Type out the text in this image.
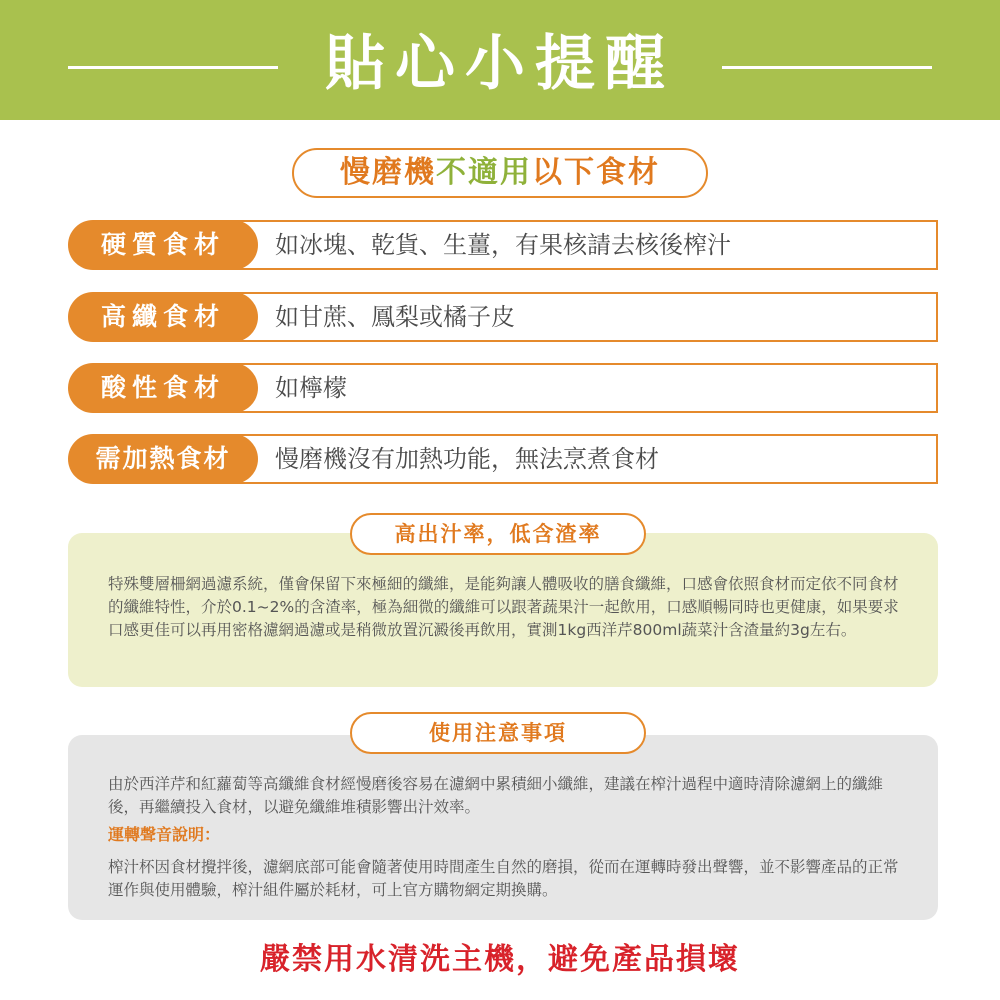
貼心小提醒
慢磨機不適用以下食材
硬質食材	如冰塊、乾貨、生薑，有果核請去核後榨汁
高纖食材	如甘蔗、鳳梨或橘子皮
酸性食材	如檸檬
需加熱食材	慢磨機沒有加熱功能，無法烹煮食材
特殊雙層柵網過濾系統，僅會保留下來極細的纖維，是能夠讓人體吸收的膳食纖維，口感會依照食材而定依不同食材的纖維特性，介於0.1~2%的含渣率，極為細微的纖維可以跟著蔬果汁一起飲用，口感順暢同時也更健康，如果要求口感更佳可以再用密格濾網過濾或是稍微放置沉澱後再飲用，實測1kg西洋芹800ml蔬菜汁含渣量約3g左右。
高出汁率，低含渣率
由於西洋芹和紅蘿蔔等高纖維食材經慢磨後容易在濾網中累積細小纖維，建議在榨汁過程中適時清除濾網上的纖維後，再繼續投入食材，以避免纖維堆積影響出汁效率。
運轉聲音說明：
榨汁杯因食材攪拌後，濾網底部可能會隨著使用時間產生自然的磨損，從而在運轉時發出聲響，並不影響產品的正常運作與使用體驗，榨汁組件屬於耗材，可上官方購物網定期換購。
使用注意事項
嚴禁用水清洗主機，避免產品損壞
